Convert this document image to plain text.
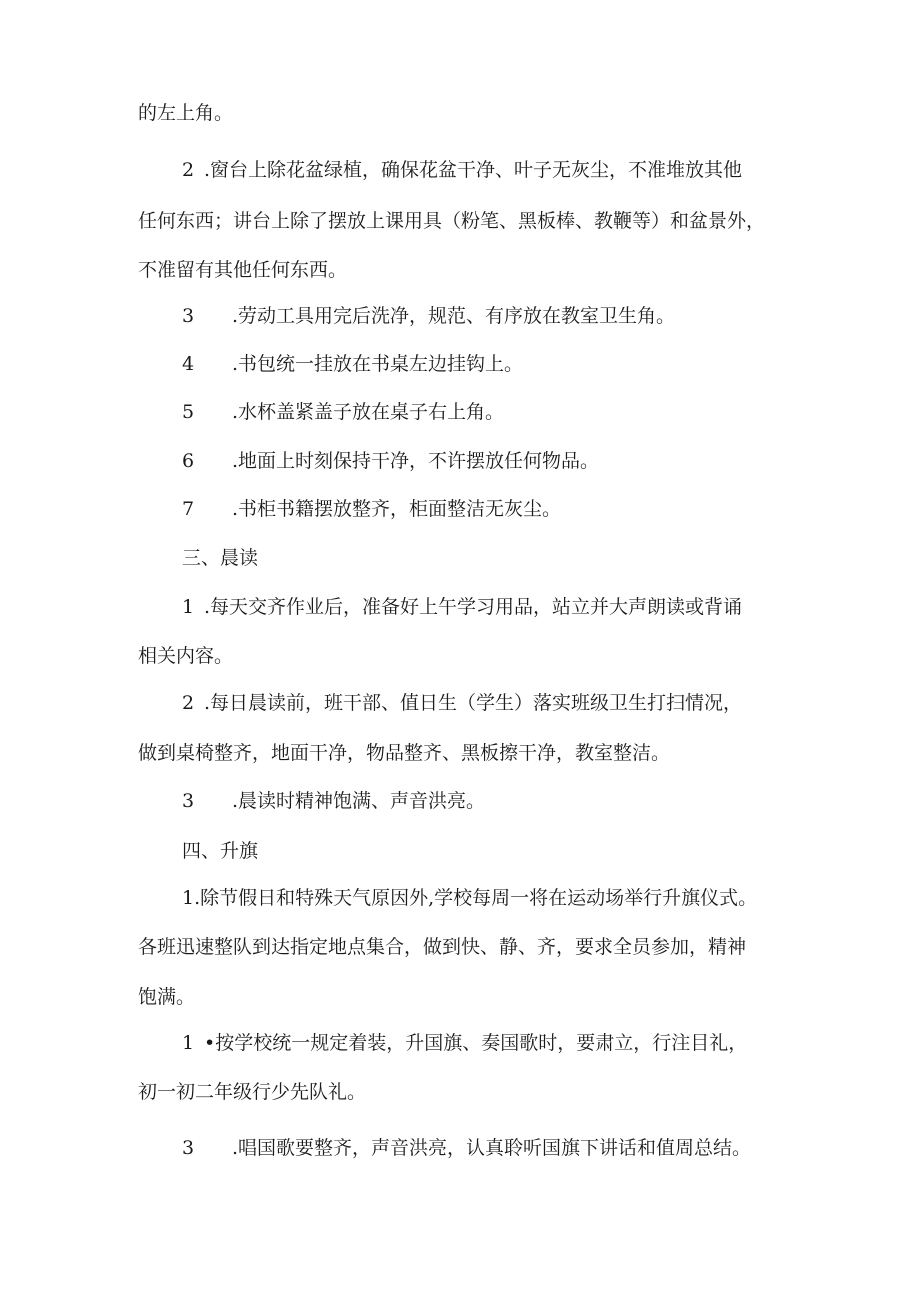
的左上角。
2 .窗台上除花盆绿植，确保花盆干净、叶子无灰尘，不准堆放其他
任何东西；讲台上除了摆放上课用具（粉笔、黑板棒、教鞭等）和盆景外，
不准留有其他任何东西。
3 .劳动工具用完后洗净，规范、有序放在教室卫生角。
4 .书包统一挂放在书桌左边挂钩上。
5 .水杯盖紧盖子放在桌子右上角。
6 .地面上时刻保持干净，不许摆放任何物品。
7 .书柜书籍摆放整齐，柜面整洁无灰尘。
三、晨读
1 .每天交齐作业后，准备好上午学习用品，站立并大声朗读或背诵
相关内容。
2 .每日晨读前，班干部、值日生（学生）落实班级卫生打扫情况，
做到桌椅整齐，地面干净，物品整齐、黑板擦干净，教室整洁。
3 .晨读时精神饱满、声音洪亮。
四、升旗
1.除节假日和特殊天气原因外,学校每周一将在运动场举行升旗仪式。
各班迅速整队到达指定地点集合，做到快、静、齐，要求全员参加，精神
饱满。
1 •按学校统一规定着装，升国旗、奏国歌时，要肃立，行注目礼，
初一初二年级行少先队礼。
3 .唱国歌要整齐，声音洪亮，认真聆听国旗下讲话和值周总结。
